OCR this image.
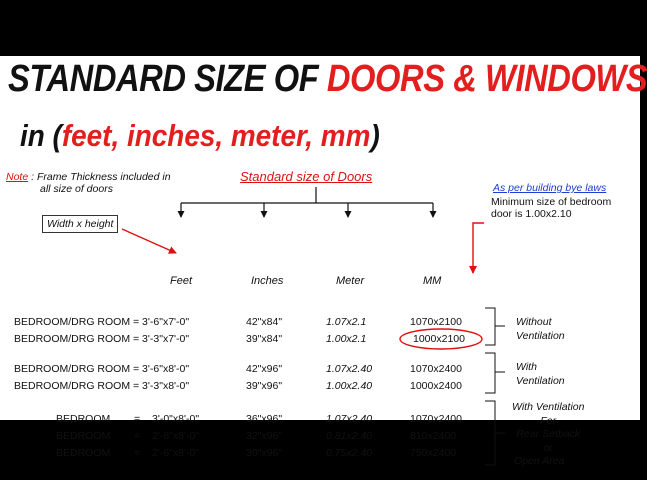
STANDARD SIZE OF DOORS & WINDOWS
in (feet, inches, meter, mm)
Note : Frame Thickness included in
all size of doors
Standard size of Doors
As per building bye laws
Minimum size of bedroom
door is 1.00x2.10
Width x height
Feet	Inches	Meter	MM
BEDROOM/DRG ROOM = 3'-6"x7'-0"	42"x84"	1.07x2.1	1070x2100
BEDROOM/DRG ROOM = 3'-3"x7'-0"	39"x84"	1.00x2.1	1000x2100
Without
Ventilation
BEDROOM/DRG ROOM = 3'-6"x8'-0"	42"x96"	1.07x2.40	1070x2400
BEDROOM/DRG ROOM = 3'-3"x8'-0"	39"x96"	1.00x2.40	1000x2400
With
Ventilation
BEDROOM = 3'-0"x8'-0"	36"x96"	1.07x2.40	1070x2400
BEDROOM = 2'-8"x8'-0"	32"x96"	0.81x2.40	810x2400
BEDROOM = 2'-6"x8'-0"	30"x96"	0.75x2.40	750x2400
With Ventilation
For
Rear Setback
or
Open Area
